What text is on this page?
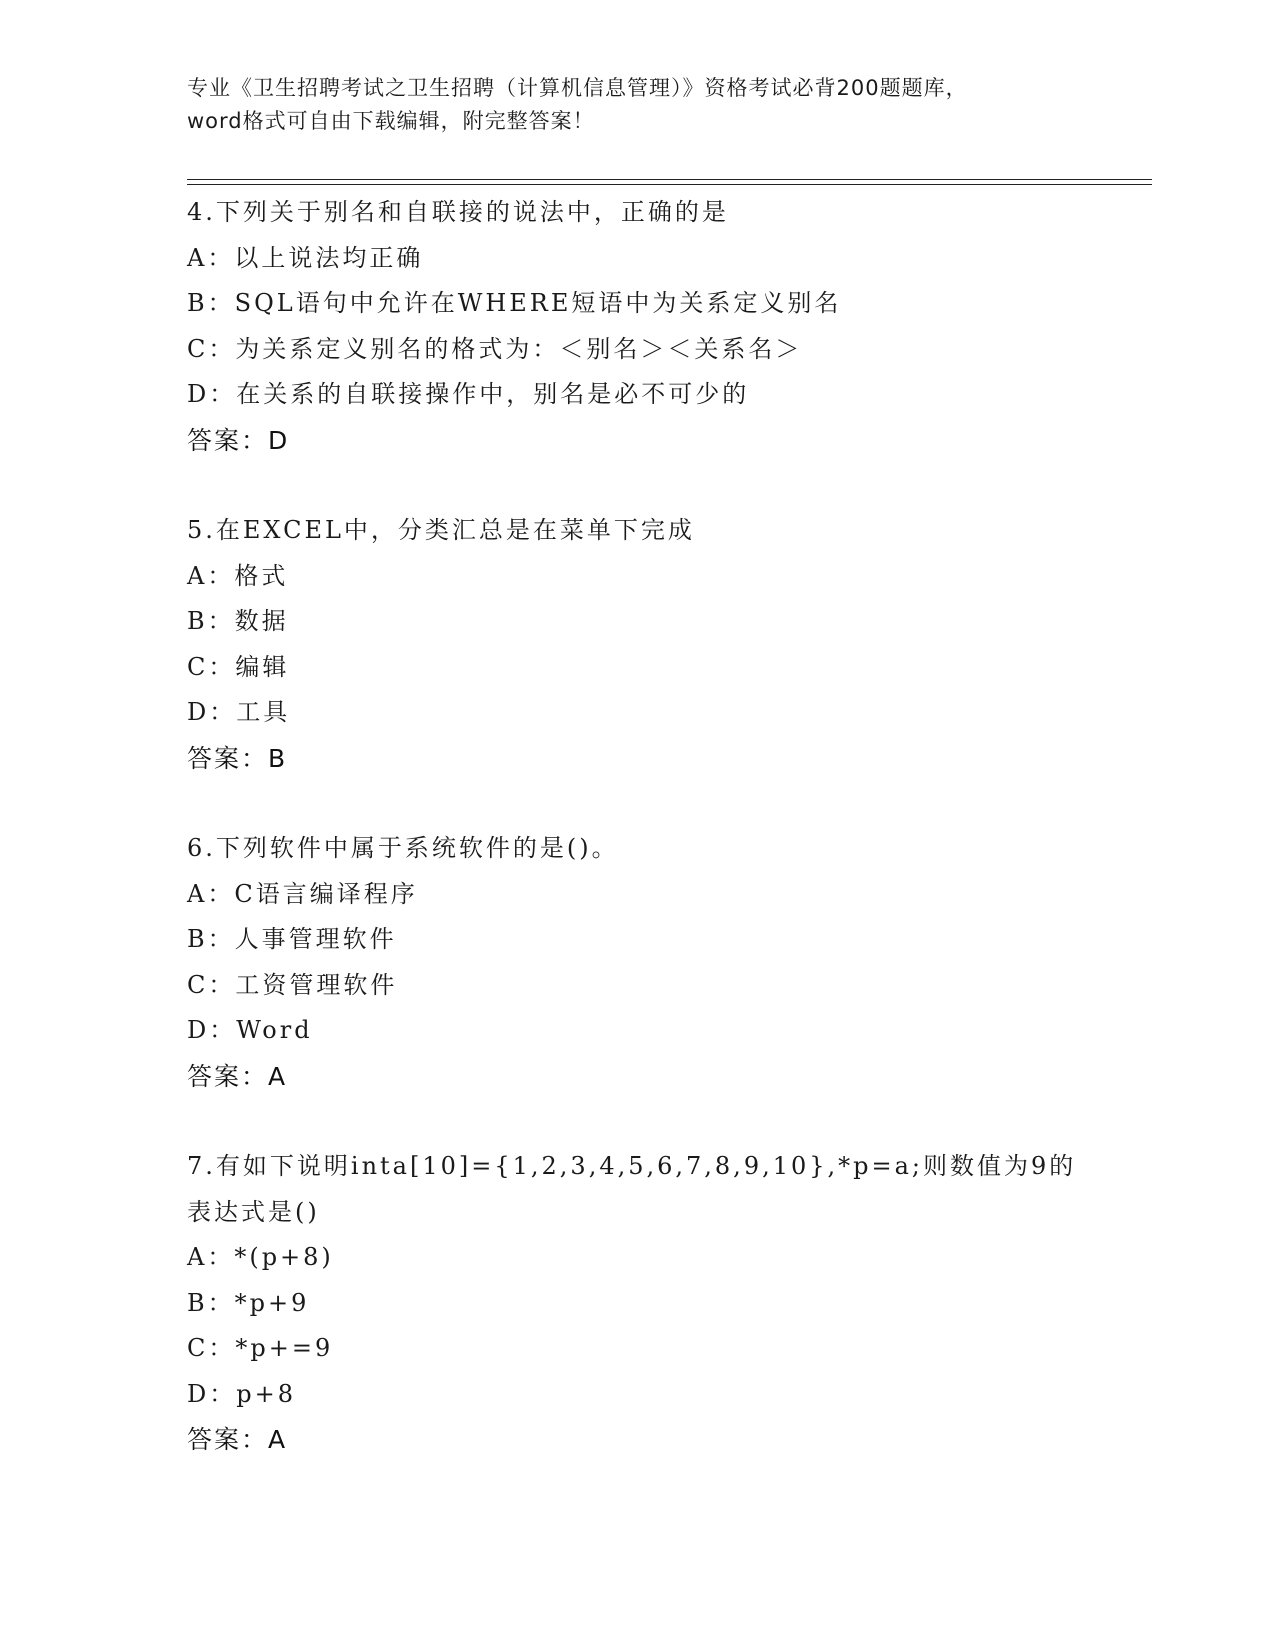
专业《卫生招聘考试之卫生招聘（计算机信息管理）》资格考试必背200题题库，
word格式可自由下载编辑，附完整答案！
4.下列关于别名和自联接的说法中，正确的是
A：以上说法均正确
B：SQL语句中允许在WHERE短语中为关系定义别名
C：为关系定义别名的格式为：＜别名＞＜关系名＞
D：在关系的自联接操作中，别名是必不可少的
答案：D
5.在EXCEL中，分类汇总是在菜单下完成
A：格式
B：数据
C：编辑
D：工具
答案：B
6.下列软件中属于系统软件的是()。
A：C语言编译程序
B：人事管理软件
C：工资管理软件
D：Word
答案：A
7.有如下说明inta[10]={1,2,3,4,5,6,7,8,9,10},*p=a;则数值为9的
表达式是()
A：*(p+8)
B：*p+9
C：*p+=9
D：p+8
答案：A
